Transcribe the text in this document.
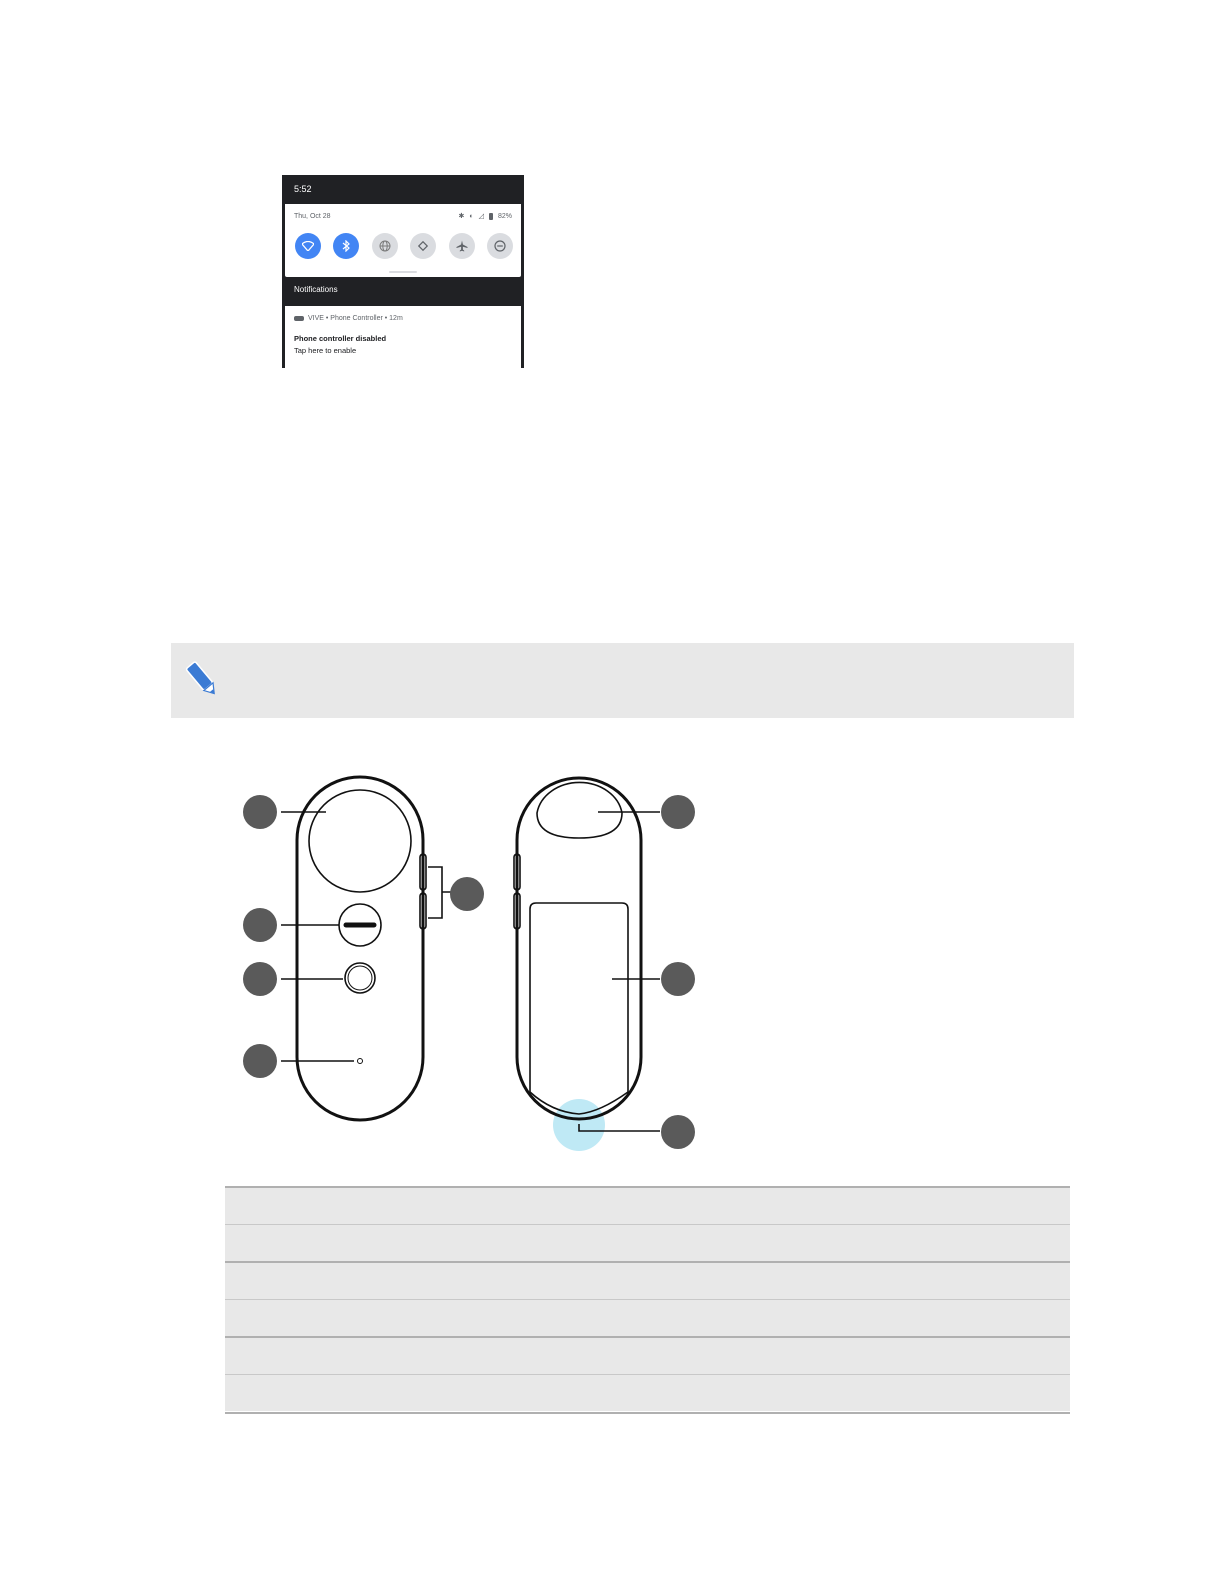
5:52
Thu, Oct 28	✱ ◐ ◿ 82%
Notifications
VIVE • Phone Controller • 12m
Phone controller disabled
Tap here to enable
